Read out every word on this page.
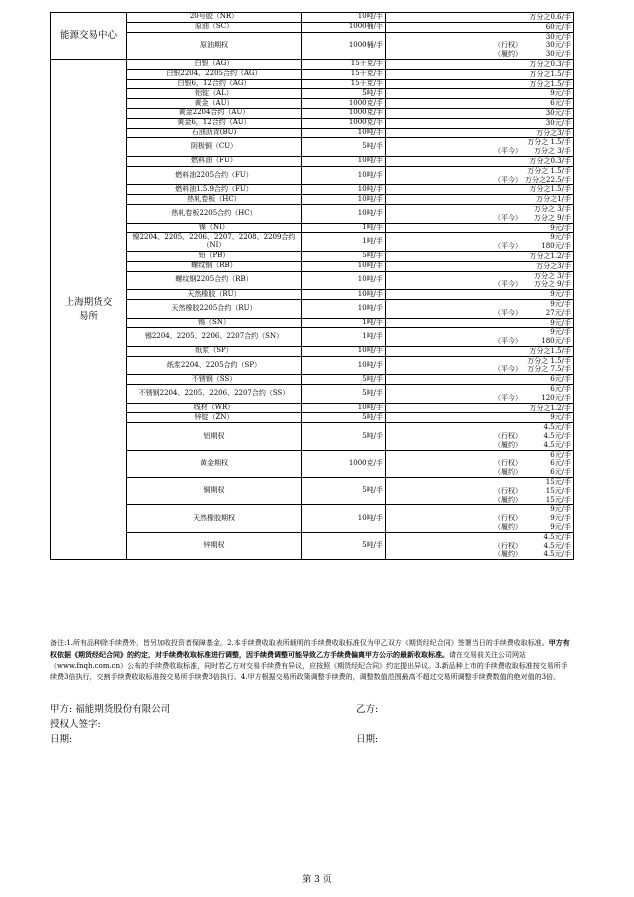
能源交易中心	20号胶（NR）	10吨/手	万分之0.6/手

	原油（SC）	1000桶/手	60元/手

	原油期权	1000桶/手	30元/手
（行权） 30元/手
（履约） 30元/手

上海期货交易所	白银（AG）	15千克/手	万分之0.3/手

	白银2204、2205合约（AG）	15千克/手	万分之1.5/手

	白银6，12合约（AG）	15千克/手	万分之1.5/手

	铝锭（AL）	5吨/手	9元/手

	黄金（AU）	1000克/手	6元/手

	黄金2204合约（AU）	1000克/手	30元/手

	黄金6，12合约（AU）	1000克/手	30元/手

	石油沥青(BU)	10吨/手	万分之3/手

	阴极铜（CU）	5吨/手	万分之 1.5/手
（平今） 万分之 3/手

	燃料油（FU）	10吨/手	万分之0.3/手

	燃料油2205合约（FU）	10吨/手	万分之 1.5/手
（平今） 万分之22.5/手

	燃料油1.5.9合约（FU）	10吨/手	万分之1.5/手

	热轧卷板（HC）	10吨/手	万分之1/手

	热轧卷板2205合约（HC）	10吨/手	万分之 3/手
（平今） 万分之 9/手

	镍（NI）	1吨/手	9元/手

	镍2204、2205、2206、2207、2208、2209合约（NI）	1吨/手	9元/手
（平今） 180元/手

	铅（PB）	5吨/手	万分之1.2/手

	螺纹钢（RB）	10吨/手	万分之3/手

	螺纹钢2205合约（RB）	10吨/手	万分之 3/手
（平今） 万分之 9/手

	天然橡胶（RU）	10吨/手	9元/手

	天然橡胶2205合约（RU）	10吨/手	9元/手
（平今） 27元/手

	锡（SN）	1吨/手	9元/手

	锡2204、2205、2206、2207合约（SN）	1吨/手	9元/手
（平今） 180元/手

	纸浆（SP）	10吨/手	万分之1.5/手

	纸浆2204、2205合约（SP）	10吨/手	万分之 1.5/手
（平今） 万分之 7.5/手

	不锈钢（SS）	5吨/手	6元/手

	不锈钢2204、2205、2206、2207合约（SS）	5吨/手	6元/手
（平今） 120元/手

	线材（WR）	10吨/手	万分之1.2/手

	锌锭（ZN）	5吨/手	9元/手

	铝期权	5吨/手	4.5元/手
（行权） 4.5元/手
（履约） 4.5元/手

	黄金期权	1000克/手	6元/手
（行权） 6元/手
（履约） 6元/手

	铜期权	5吨/手	15元/手
（行权） 15元/手
（履约） 15元/手

	天然橡胶期权	10吨/手	9元/手
（行权） 9元/手
（履约） 9元/手

	锌期权	5吨/手	4.5元/手
（行权） 4.5元/手
（履约） 4.5元/手

备注:1.所有品种除手续费外，皆另加收投资者保障基金。2.本手续费收取表所载明的手续费收取标准仅为甲乙双方《期货经纪合同》签署当日的手续费收取标准。甲方有权依据《期货经纪合同》的约定，对手续费收取标准进行调整，因手续费调整可能导致乙方手续费偏离甲方公示的最新收取标准。请在交易前关注公司网站（www.fnqh.com.cn）公布的手续费收取标准，同时若乙方对交易手续费有异议，应按照《期货经纪合同》约定提出异议。3.新品种上市的手续费收取标准按交易所手续费3倍执行，交割手续费收取标准按交易所手续费3倍执行。4.甲方根据交易所政策调整手续费的，调整数值范围最高不超过交易所调整手续费数值的绝对值的3倍。

甲方: 福能期货股份有限公司	乙方:
授权人签字:
日期:	日期:
第 3 页
